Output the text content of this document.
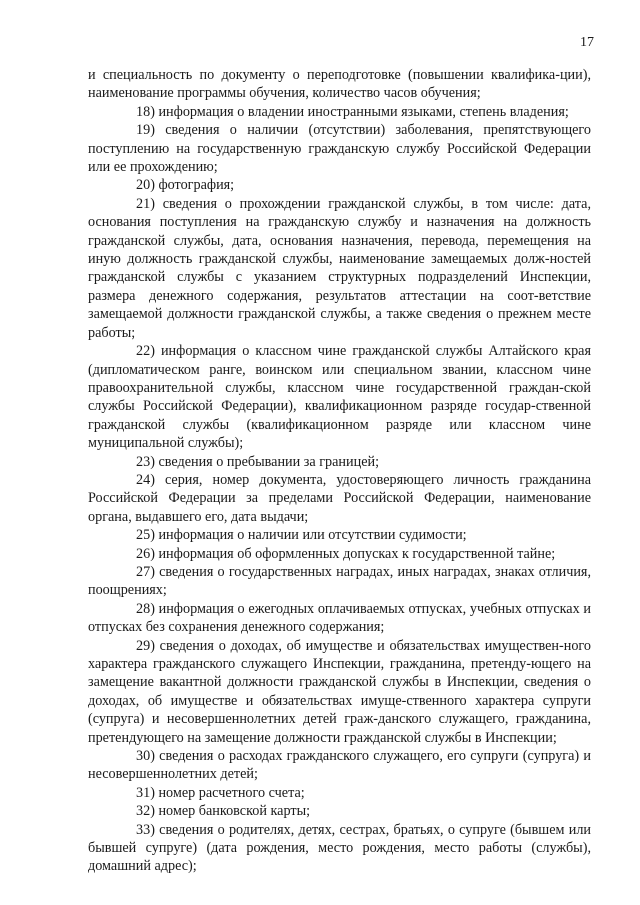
17

и специальность по документу о переподготовке (повышении квалифика-ции), наименование программы обучения, количество часов обучения;

18) информация о владении иностранными языками, степень владения;

19) сведения о наличии (отсутствии) заболевания, препятствующего поступлению на государственную гражданскую службу Российской Федерации или ее прохождению;

20) фотография;

21) сведения о прохождении гражданской службы, в том числе: дата, основания поступления на гражданскую службу и назначения на должность гражданской службы, дата, основания назначения, перевода, перемещения на иную должность гражданской службы, наименование замещаемых долж-ностей гражданской службы с указанием структурных подразделений Инспекции, размера денежного содержания, результатов аттестации на соот-ветствие замещаемой должности гражданской службы, а также сведения о прежнем месте работы;

22) информация о классном чине гражданской службы Алтайского края (дипломатическом ранге, воинском или специальном звании, классном чине правоохранительной службы, классном чине государственной граждан-ской службы Российской Федерации), квалификационном разряде государ-ственной гражданской службы (квалификационном разряде или классном чине муниципальной службы);

23) сведения о пребывании за границей;

24) серия, номер документа, удостоверяющего личность гражданина Российской Федерации за пределами Российской Федерации, наименование органа, выдавшего его, дата выдачи;

25) информация о наличии или отсутствии судимости;

26) информация об оформленных допусках к государственной тайне;

27) сведения о государственных наградах, иных наградах, знаках отличия, поощрениях;

28) информация о ежегодных оплачиваемых отпусках, учебных отпусках и отпусках без сохранения денежного содержания;

29) сведения о доходах, об имуществе и обязательствах имуществен-ного характера гражданского служащего Инспекции, гражданина, претенду-ющего на замещение вакантной должности гражданской службы в Инспекции, сведения о доходах, об имуществе и обязательствах имуще-ственного характера супруги (супруга) и несовершеннолетних детей граж-данского служащего, гражданина, претендующего на замещение должности гражданской службы в Инспекции;

30) сведения о расходах гражданского служащего, его супруги (супруга) и несовершеннолетних детей;

31) номер расчетного счета;

32) номер банковской карты;

33) сведения о родителях, детях, сестрах, братьях, о супруге (бывшем или бывшей супруге) (дата рождения, место рождения, место работы (службы), домашний адрес);
